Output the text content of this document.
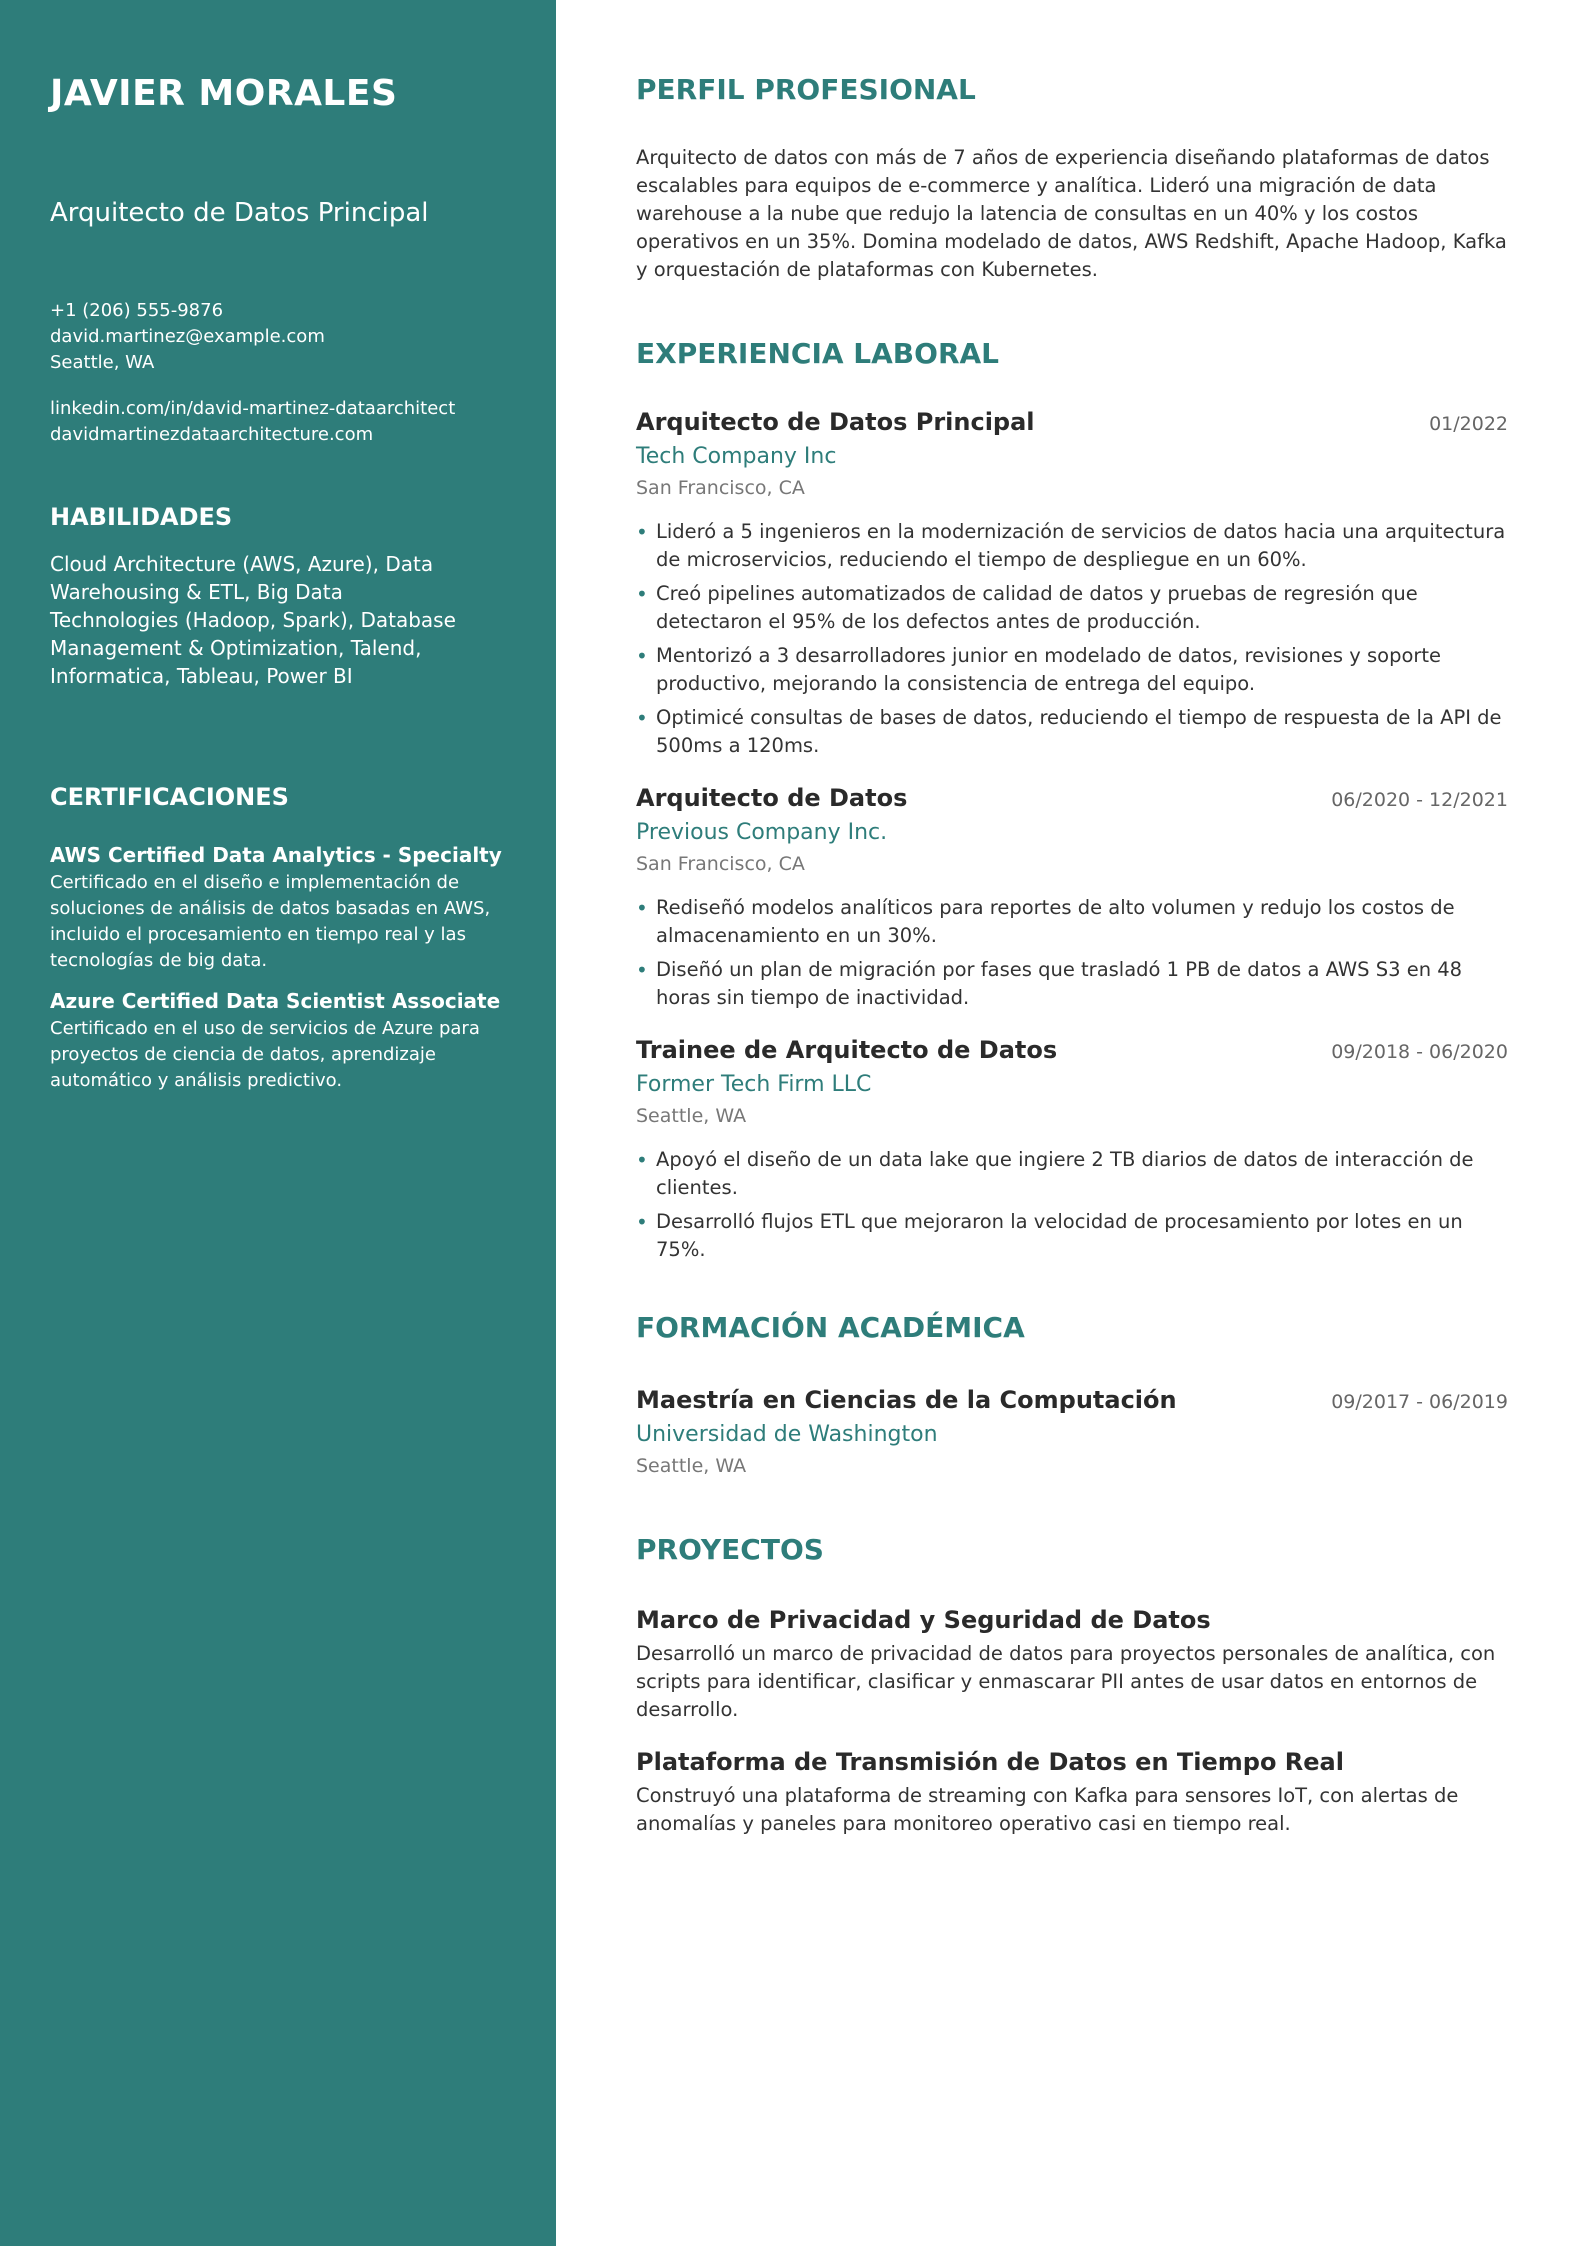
JAVIER MORALES
Arquitecto de Datos Principal
+1 (206) 555-9876
david.martinez@example.com
Seattle, WA
linkedin.com/in/david-martinez-dataarchitect
davidmartinezdataarchitecture.com
HABILIDADES
Cloud Architecture (AWS, Azure), Data Warehousing & ETL, Big Data Technologies (Hadoop, Spark), Database Management & Optimization, Talend, Informatica, Tableau, Power BI
CERTIFICACIONES
AWS Certified Data Analytics - Specialty
Certificado en el diseño e implementación de soluciones de análisis de datos basadas en AWS, incluido el procesamiento en tiempo real y las tecnologías de big data.
Azure Certified Data Scientist Associate
Certificado en el uso de servicios de Azure para proyectos de ciencia de datos, aprendizaje automático y análisis predictivo.
PERFIL PROFESIONAL

Arquitecto de datos con más de 7 años de experiencia diseñando plataformas de datos escalables para equipos de e-commerce y analítica. Lideró una migración de data warehouse a la nube que redujo la latencia de consultas en un 40% y los costos operativos en un 35%. Domina modelado de datos, AWS Redshift, Apache Hadoop, Kafka y orquestación de plataformas con Kubernetes.

EXPERIENCIA LABORAL
Arquitecto de Datos Principal	01/2022
Tech Company Inc
San Francisco, CA
• Lideró a 5 ingenieros en la modernización de servicios de datos hacia una arquitectura de microservicios, reduciendo el tiempo de despliegue en un 60%.
• Creó pipelines automatizados de calidad de datos y pruebas de regresión que detectaron el 95% de los defectos antes de producción.
• Mentorizó a 3 desarrolladores junior en modelado de datos, revisiones y soporte productivo, mejorando la consistencia de entrega del equipo.
• Optimicé consultas de bases de datos, reduciendo el tiempo de respuesta de la API de 500ms a 120ms.
Arquitecto de Datos	06/2020 - 12/2021
Previous Company Inc.
San Francisco, CA
• Rediseñó modelos analíticos para reportes de alto volumen y redujo los costos de almacenamiento en un 30%.
• Diseñó un plan de migración por fases que trasladó 1 PB de datos a AWS S3 en 48 horas sin tiempo de inactividad.
Trainee de Arquitecto de Datos	09/2018 - 06/2020
Former Tech Firm LLC
Seattle, WA
• Apoyó el diseño de un data lake que ingiere 2 TB diarios de datos de interacción de clientes.
• Desarrolló flujos ETL que mejoraron la velocidad de procesamiento por lotes en un 75%.
FORMACIÓN ACADÉMICA
Maestría en Ciencias de la Computación	09/2017 - 06/2019
Universidad de Washington
Seattle, WA
PROYECTOS
Marco de Privacidad y Seguridad de Datos
Desarrolló un marco de privacidad de datos para proyectos personales de analítica, con scripts para identificar, clasificar y enmascarar PII antes de usar datos en entornos de desarrollo.
Plataforma de Transmisión de Datos en Tiempo Real
Construyó una plataforma de streaming con Kafka para sensores IoT, con alertas de anomalías y paneles para monitoreo operativo casi en tiempo real.
